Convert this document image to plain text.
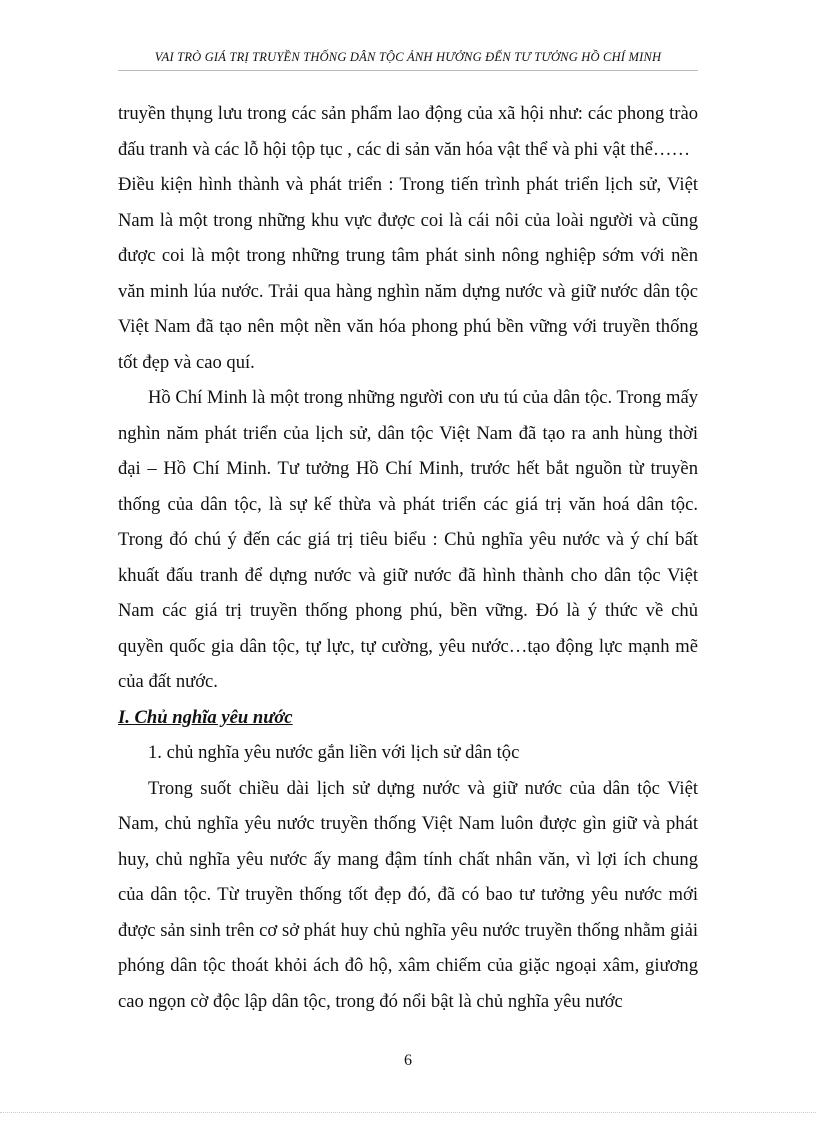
VAI TRÒ GIÁ TRỊ TRUYỀN THỐNG DÂN TỘC ẢNH HƯỞNG ĐẾN TƯ TƯỞNG HỒ CHÍ MINH

truyền thụng lưu trong các sản phẩm lao động của xã hội như: các phong trào đấu tranh và các lỗ hội tộp tục , các di sản văn hóa vật thể và phi vật thể……

Điều kiện hình thành và phát triển : Trong tiến trình phát triển lịch sử, Việt Nam là một trong những khu vực được coi là cái nôi của loài người và cũng được coi là một trong những trung tâm phát sinh nông nghiệp sớm với nền văn minh lúa nước. Trải qua hàng nghìn năm dựng nước và giữ nước dân tộc Việt Nam đã tạo nên một nền văn hóa phong phú bền vững với truyền thống tốt đẹp và cao quí.

Hồ Chí Minh là một trong những người con ưu tú của dân tộc. Trong mấy nghìn năm phát triển của lịch sử, dân tộc Việt Nam đã tạo ra anh hùng thời đại – Hồ Chí Minh. Tư tưởng Hồ Chí Minh, trước hết bắt nguồn từ truyền thống của dân tộc, là sự kế thừa và phát triển các giá trị văn hoá dân tộc. Trong đó chú ý đến các giá trị tiêu biểu : Chủ nghĩa yêu nước và ý chí bất khuất đấu tranh để dựng nước và giữ nước đã hình thành cho dân tộc Việt Nam các giá trị truyền thống phong phú, bền vững. Đó là ý thức về chủ quyền quốc gia dân tộc, tự lực, tự cường, yêu nước…tạo động lực mạnh mẽ của đất nước.

I. Chủ nghĩa yêu nước

1. chủ nghĩa yêu nước gắn liền với lịch sử dân tộc

Trong suốt chiều dài lịch sử dựng nước và giữ nước của dân tộc Việt Nam, chủ nghĩa yêu nước truyền thống Việt Nam luôn được gìn giữ và phát huy, chủ nghĩa yêu nước ấy mang đậm tính chất nhân văn, vì lợi ích chung của dân tộc. Từ truyền thống tốt đẹp đó, đã có bao tư tưởng yêu nước mới được sản sinh trên cơ sở phát huy chủ nghĩa yêu nước truyền thống nhằm giải phóng dân tộc thoát khỏi ách đô hộ, xâm chiếm của giặc ngoại xâm, giương cao ngọn cờ độc lập dân tộc, trong đó nổi bật là chủ nghĩa yêu nước

6
